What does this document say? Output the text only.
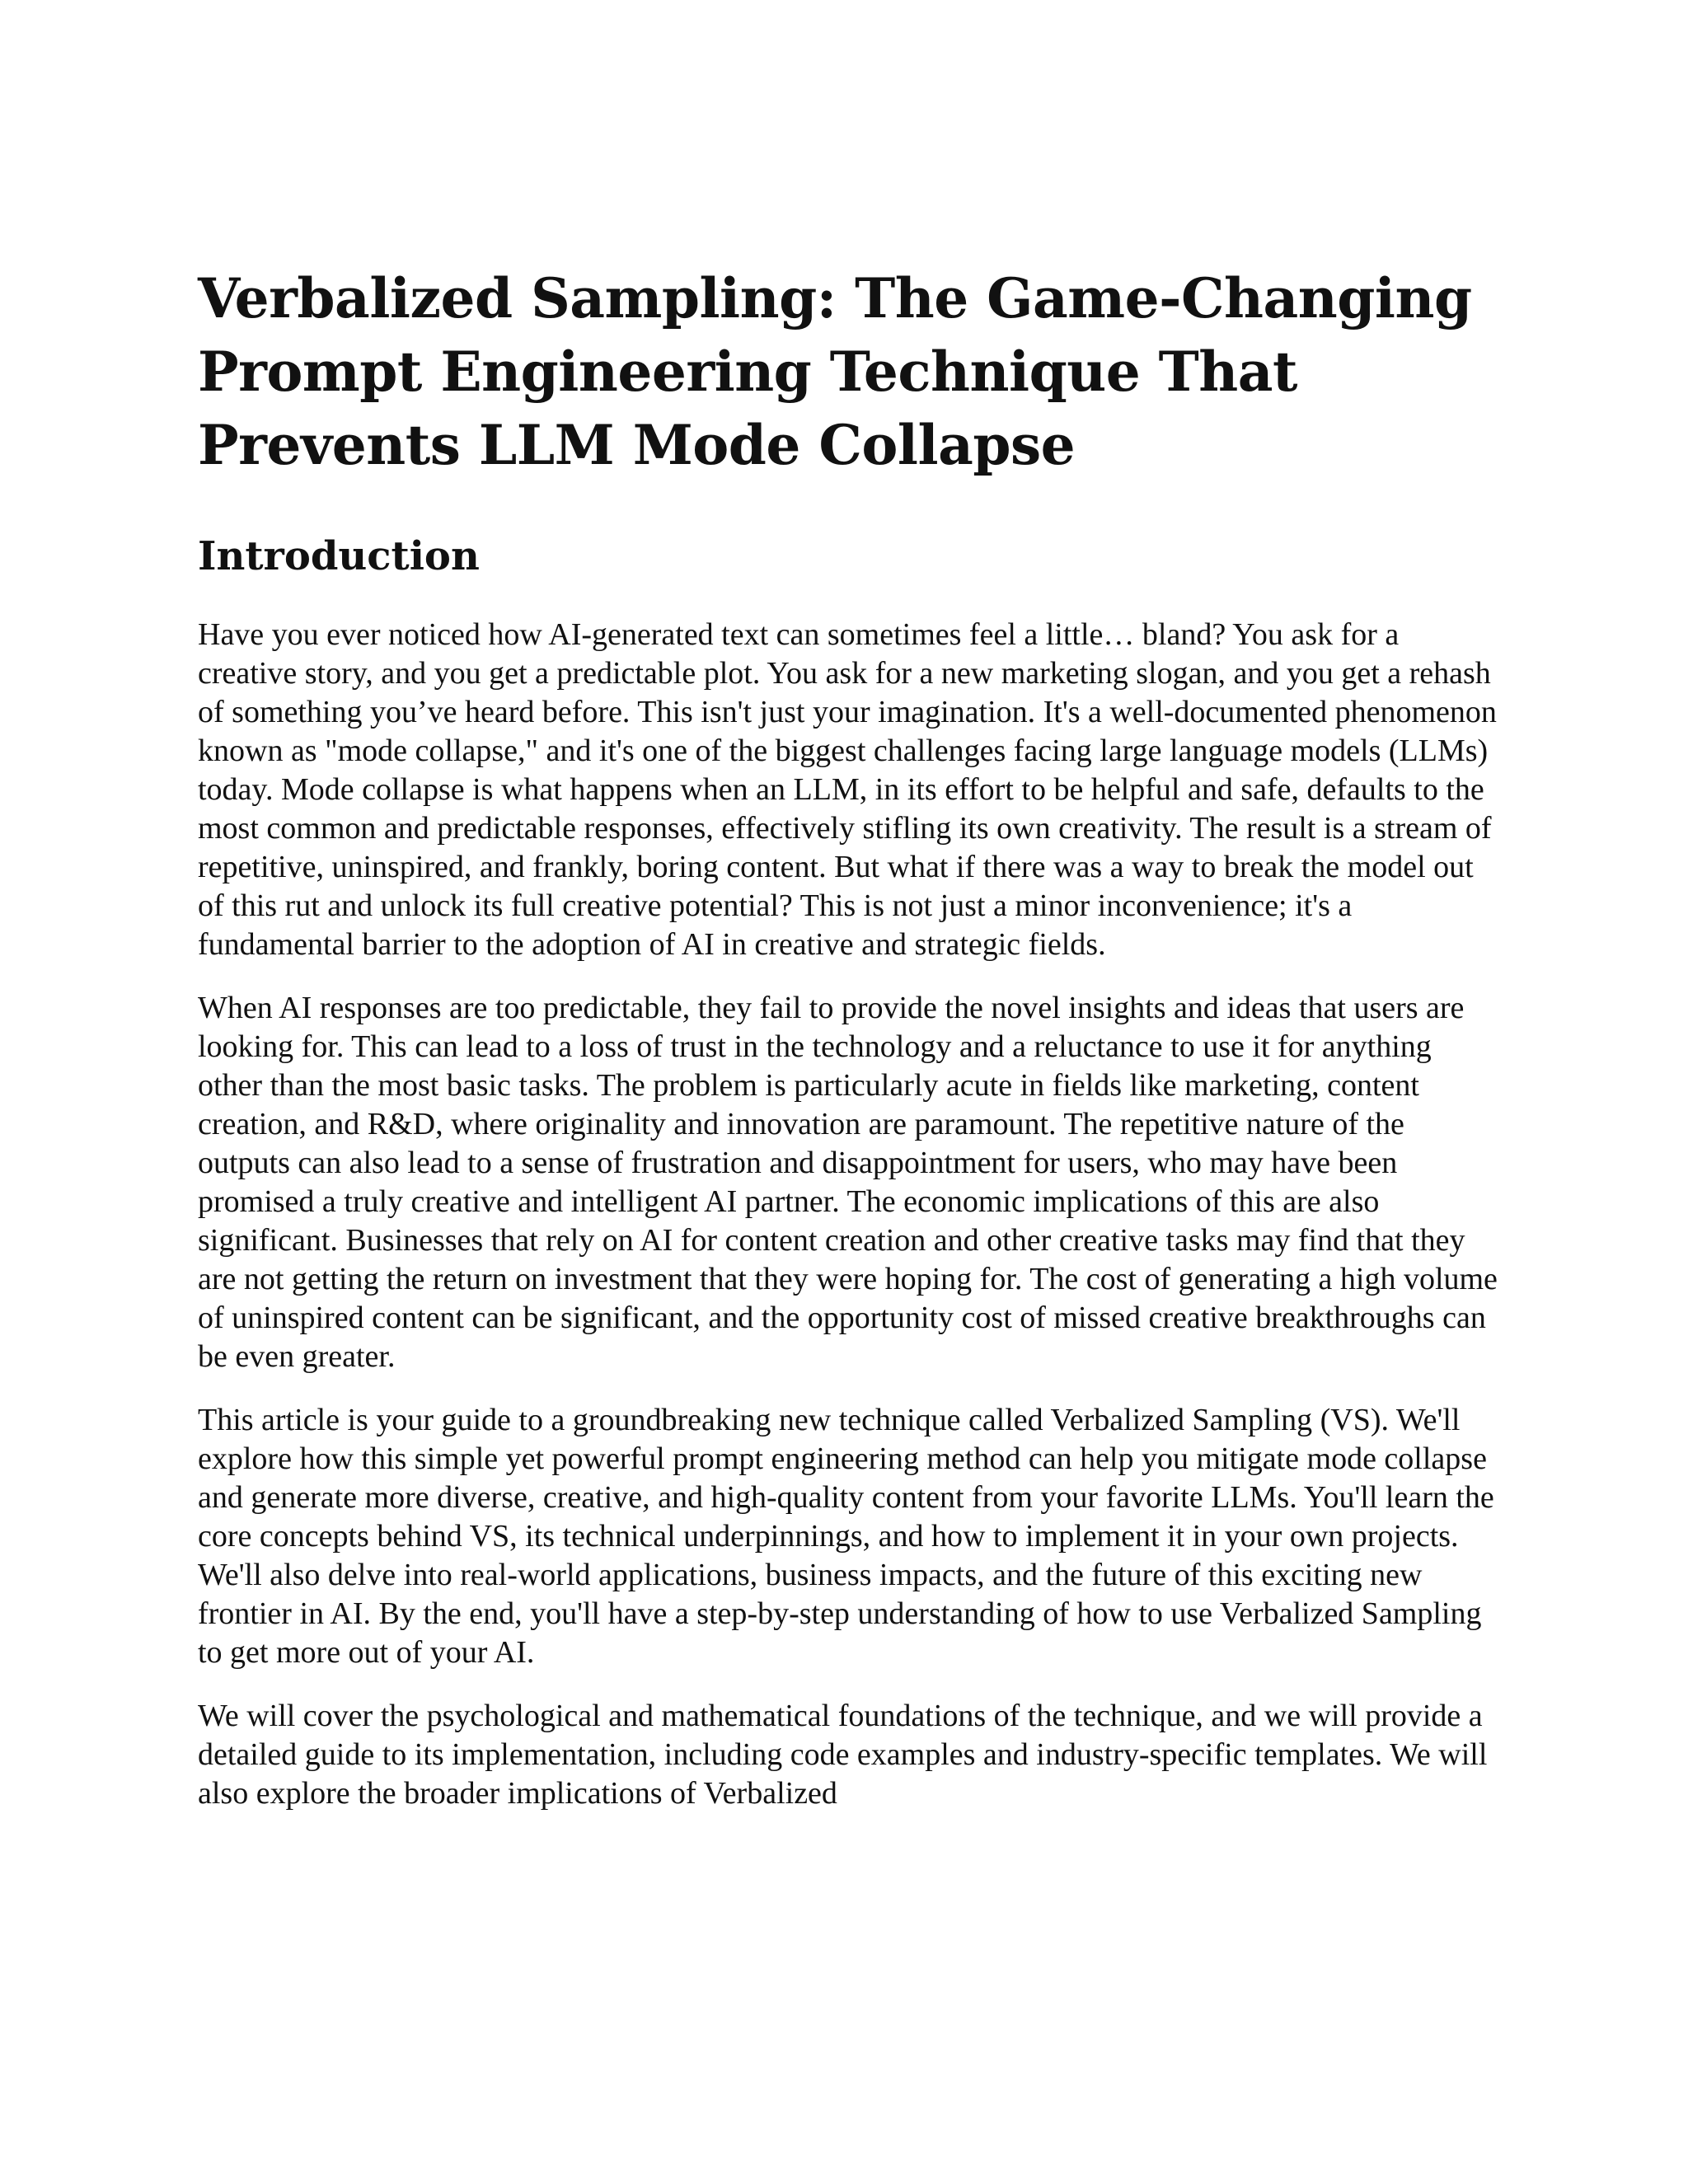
Verbalized Sampling: The Game-Changing Prompt Engineering Technique That Prevents LLM Mode Collapse
Introduction

Have you ever noticed how AI-generated text can sometimes feel a little… bland? You ask for a creative story, and you get a predictable plot. You ask for a new marketing slogan, and you get a rehash of something you’ve heard before. This isn't just your imagination. It's a well-documented phenomenon known as "mode collapse," and it's one of the biggest challenges facing large language models (LLMs) today. Mode collapse is what happens when an LLM, in its effort to be helpful and safe, defaults to the most common and predictable responses, effectively stifling its own creativity. The result is a stream of repetitive, uninspired, and frankly, boring content. But what if there was a way to break the model out of this rut and unlock its full creative potential? This is not just a minor inconvenience; it's a fundamental barrier to the adoption of AI in creative and strategic fields.

When AI responses are too predictable, they fail to provide the novel insights and ideas that users are looking for. This can lead to a loss of trust in the technology and a reluctance to use it for anything other than the most basic tasks. The problem is particularly acute in fields like marketing, content creation, and R&D, where originality and innovation are paramount. The repetitive nature of the outputs can also lead to a sense of frustration and disappointment for users, who may have been promised a truly creative and intelligent AI partner. The economic implications of this are also significant. Businesses that rely on AI for content creation and other creative tasks may find that they are not getting the return on investment that they were hoping for. The cost of generating a high volume of uninspired content can be significant, and the opportunity cost of missed creative breakthroughs can be even greater.

This article is your guide to a groundbreaking new technique called Verbalized Sampling (VS). We'll explore how this simple yet powerful prompt engineering method can help you mitigate mode collapse and generate more diverse, creative, and high-quality content from your favorite LLMs. You'll learn the core concepts behind VS, its technical underpinnings, and how to implement it in your own projects. We'll also delve into real-world applications, business impacts, and the future of this exciting new frontier in AI. By the end, you'll have a step-by-step understanding of how to use Verbalized Sampling to get more out of your AI.

We will cover the psychological and mathematical foundations of the technique, and we will provide a detailed guide to its implementation, including code examples and industry-specific templates. We will also explore the broader implications of Verbalized
